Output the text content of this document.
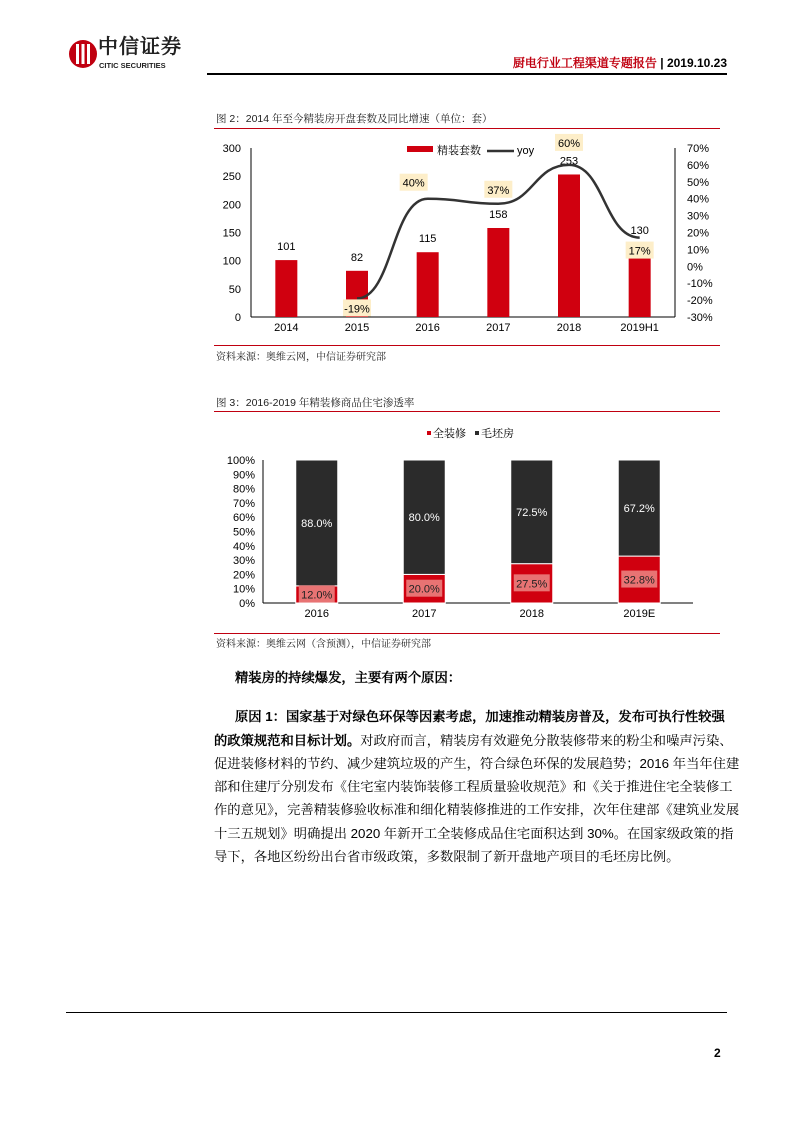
中信证券
CITIC SECURITIES	厨电行业工程渠道专题报告 | 2019.10.23
图 2：2014 年至今精装房开盘套数及同比增速（单位：套）
0
50
100
150
200
250
300
-30%
-20%
-10%
0%
10%
20%
30%
40%
50%
60%
70%
101
2014
82
2015
115
2016
158
2017
253
2018
130
2019H1
-19%
40%
37%
60%
17%
精装套数	yoy
资料来源：奥维云网，中信证券研究部
图 3：2016-2019 年精装修商品住宅渗透率
0%
10%
20%
30%
40%
50%
60%
70%
80%
90%
100%
12.0%
88.0%
2016
20.0%
80.0%
2017
27.5%
72.5%
2018
32.8%
67.2%
2019E
全装修 毛坯房
资料来源：奥维云网（含预测），中信证券研究部
精装房的持续爆发，主要有两个原因：
原因 1：国家基于对绿色环保等因素考虑，加速推动精装房普及，发布可执行性较强
的政策规范和目标计划。对政府而言，精装房有效避免分散装修带来的粉尘和噪声污染、
促进装修材料的节约、减少建筑垃圾的产生，符合绿色环保的发展趋势；2016 年当年住建
部和住建厅分别发布《住宅室内装饰装修工程质量验收规范》和《关于推进住宅全装修工
作的意见》，完善精装修验收标准和细化精装修推进的工作安排，次年住建部《建筑业发展
十三五规划》明确提出 2020 年新开工全装修成品住宅面积达到 30%。在国家级政策的指
导下，各地区纷纷出台省市级政策，多数限制了新开盘地产项目的毛坯房比例。
2
